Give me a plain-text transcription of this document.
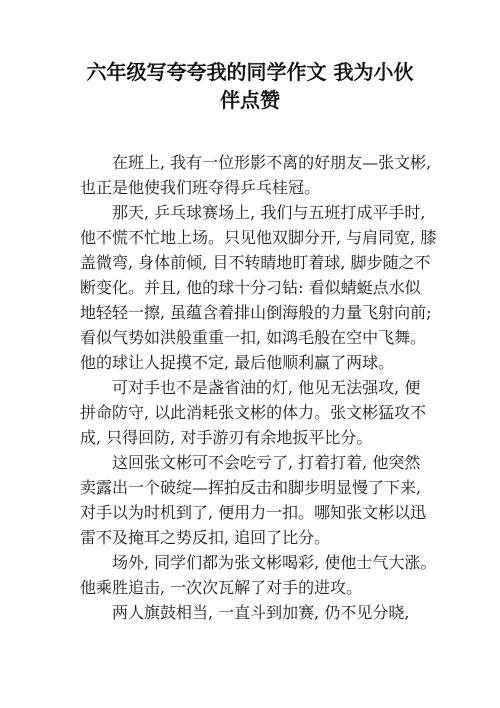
六年级写夸夸我的同学作文 我为小伙
伴点赞
在班上, 我有一位形影不离的好朋友—张文彬,
也正是他使我们班夺得乒乓桂冠。
那天, 乒乓球赛场上, 我们与五班打成平手时,
他不慌不忙地上场。只见他双脚分开, 与肩同宽, 膝
盖微弯, 身体前倾, 目不转睛地盯着球, 脚步随之不
断变化。并且, 他的球十分刁钻: 看似蜻蜓点水似
地轻轻一擦, 虽蕴含着排山倒海般的力量飞射向前;
看似气势如洪般重重一扣, 如鸿毛般在空中飞舞。
他的球让人捉摸不定, 最后他顺利赢了两球。
可对手也不是盏省油的灯, 他见无法强攻, 便
拼命防守, 以此消耗张文彬的体力。张文彬猛攻不
成, 只得回防, 对手游刃有余地扳平比分。
这回张文彬可不会吃亏了, 打着打着, 他突然
卖露出一个破绽—挥拍反击和脚步明显慢了下来,
对手以为时机到了, 便用力一扣。哪知张文彬以迅
雷不及掩耳之势反扣, 追回了比分。
场外, 同学们都为张文彬喝彩, 使他士气大涨。
他乘胜追击, 一次次瓦解了对手的进攻。
两人旗鼓相当, 一直斗到加赛, 仍不见分晓,
